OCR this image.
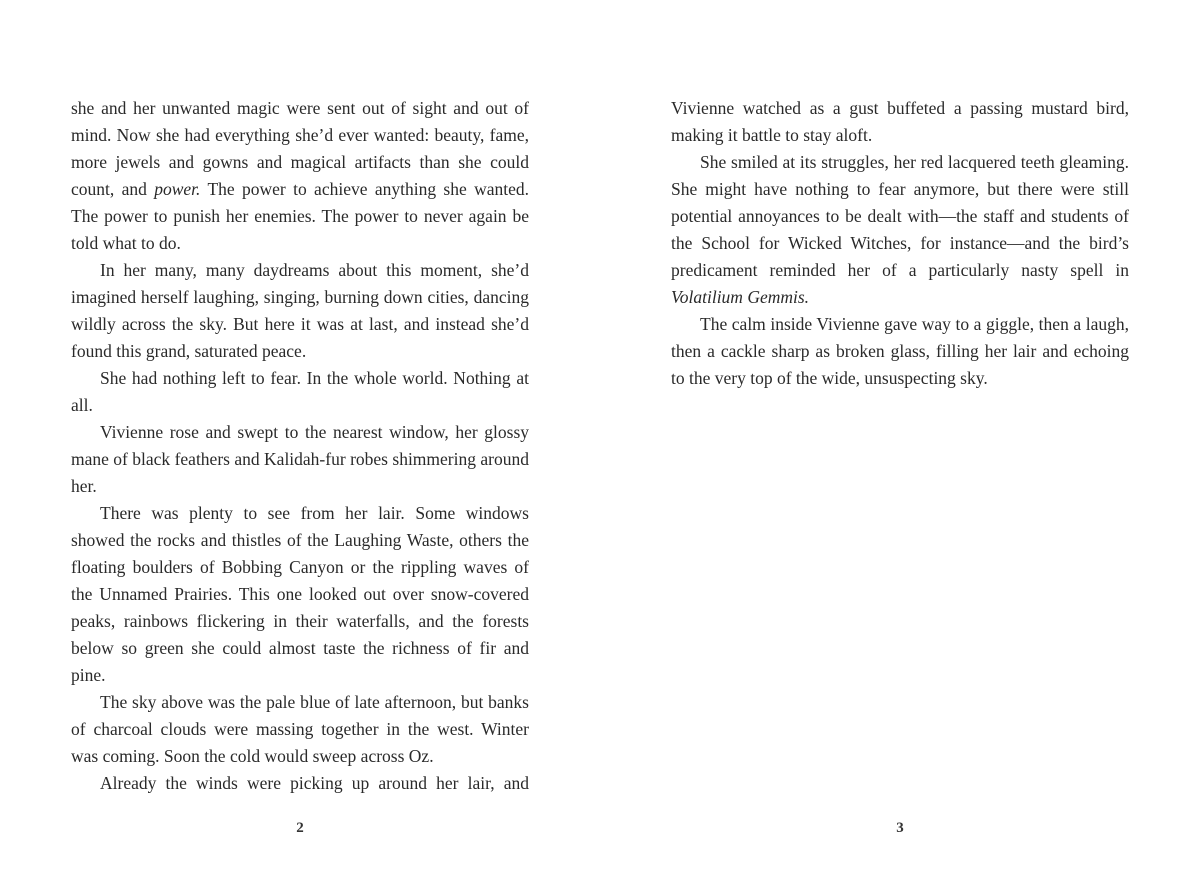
she and her unwanted magic were sent out of sight and out of mind. Now she had everything she’d ever wanted: beauty, fame, more jewels and gowns and magical artifacts than she could count, and power. The power to achieve anything she wanted. The power to punish her enemies. The power to never again be told what to do.

In her many, many daydreams about this moment, she’d imagined herself laughing, singing, burning down cities, dancing wildly across the sky. But here it was at last, and instead she’d found this grand, saturated peace.

She had nothing left to fear. In the whole world. Nothing at all.

Vivienne rose and swept to the nearest window, her glossy mane of black feathers and Kalidah-fur robes shimmering around her.

There was plenty to see from her lair. Some windows showed the rocks and thistles of the Laughing Waste, others the floating boulders of Bobbing Canyon or the rippling waves of the Unnamed Prairies. This one looked out over snow-covered peaks, rainbows flickering in their waterfalls, and the forests below so green she could almost taste the richness of fir and pine.

The sky above was the pale blue of late afternoon, but banks of charcoal clouds were massing together in the west. Winter was coming. Soon the cold would sweep across Oz.

Already the winds were picking up around her lair, and

2

Vivienne watched as a gust buffeted a passing mustard bird, making it battle to stay aloft.

She smiled at its struggles, her red lacquered teeth gleaming. She might have nothing to fear anymore, but there were still potential annoyances to be dealt with—the staff and students of the School for Wicked Witches, for instance—and the bird’s predicament reminded her of a particularly nasty spell in Volatilium Gemmis.

The calm inside Vivienne gave way to a giggle, then a laugh, then a cackle sharp as broken glass, filling her lair and echoing to the very top of the wide, unsuspecting sky.

3
